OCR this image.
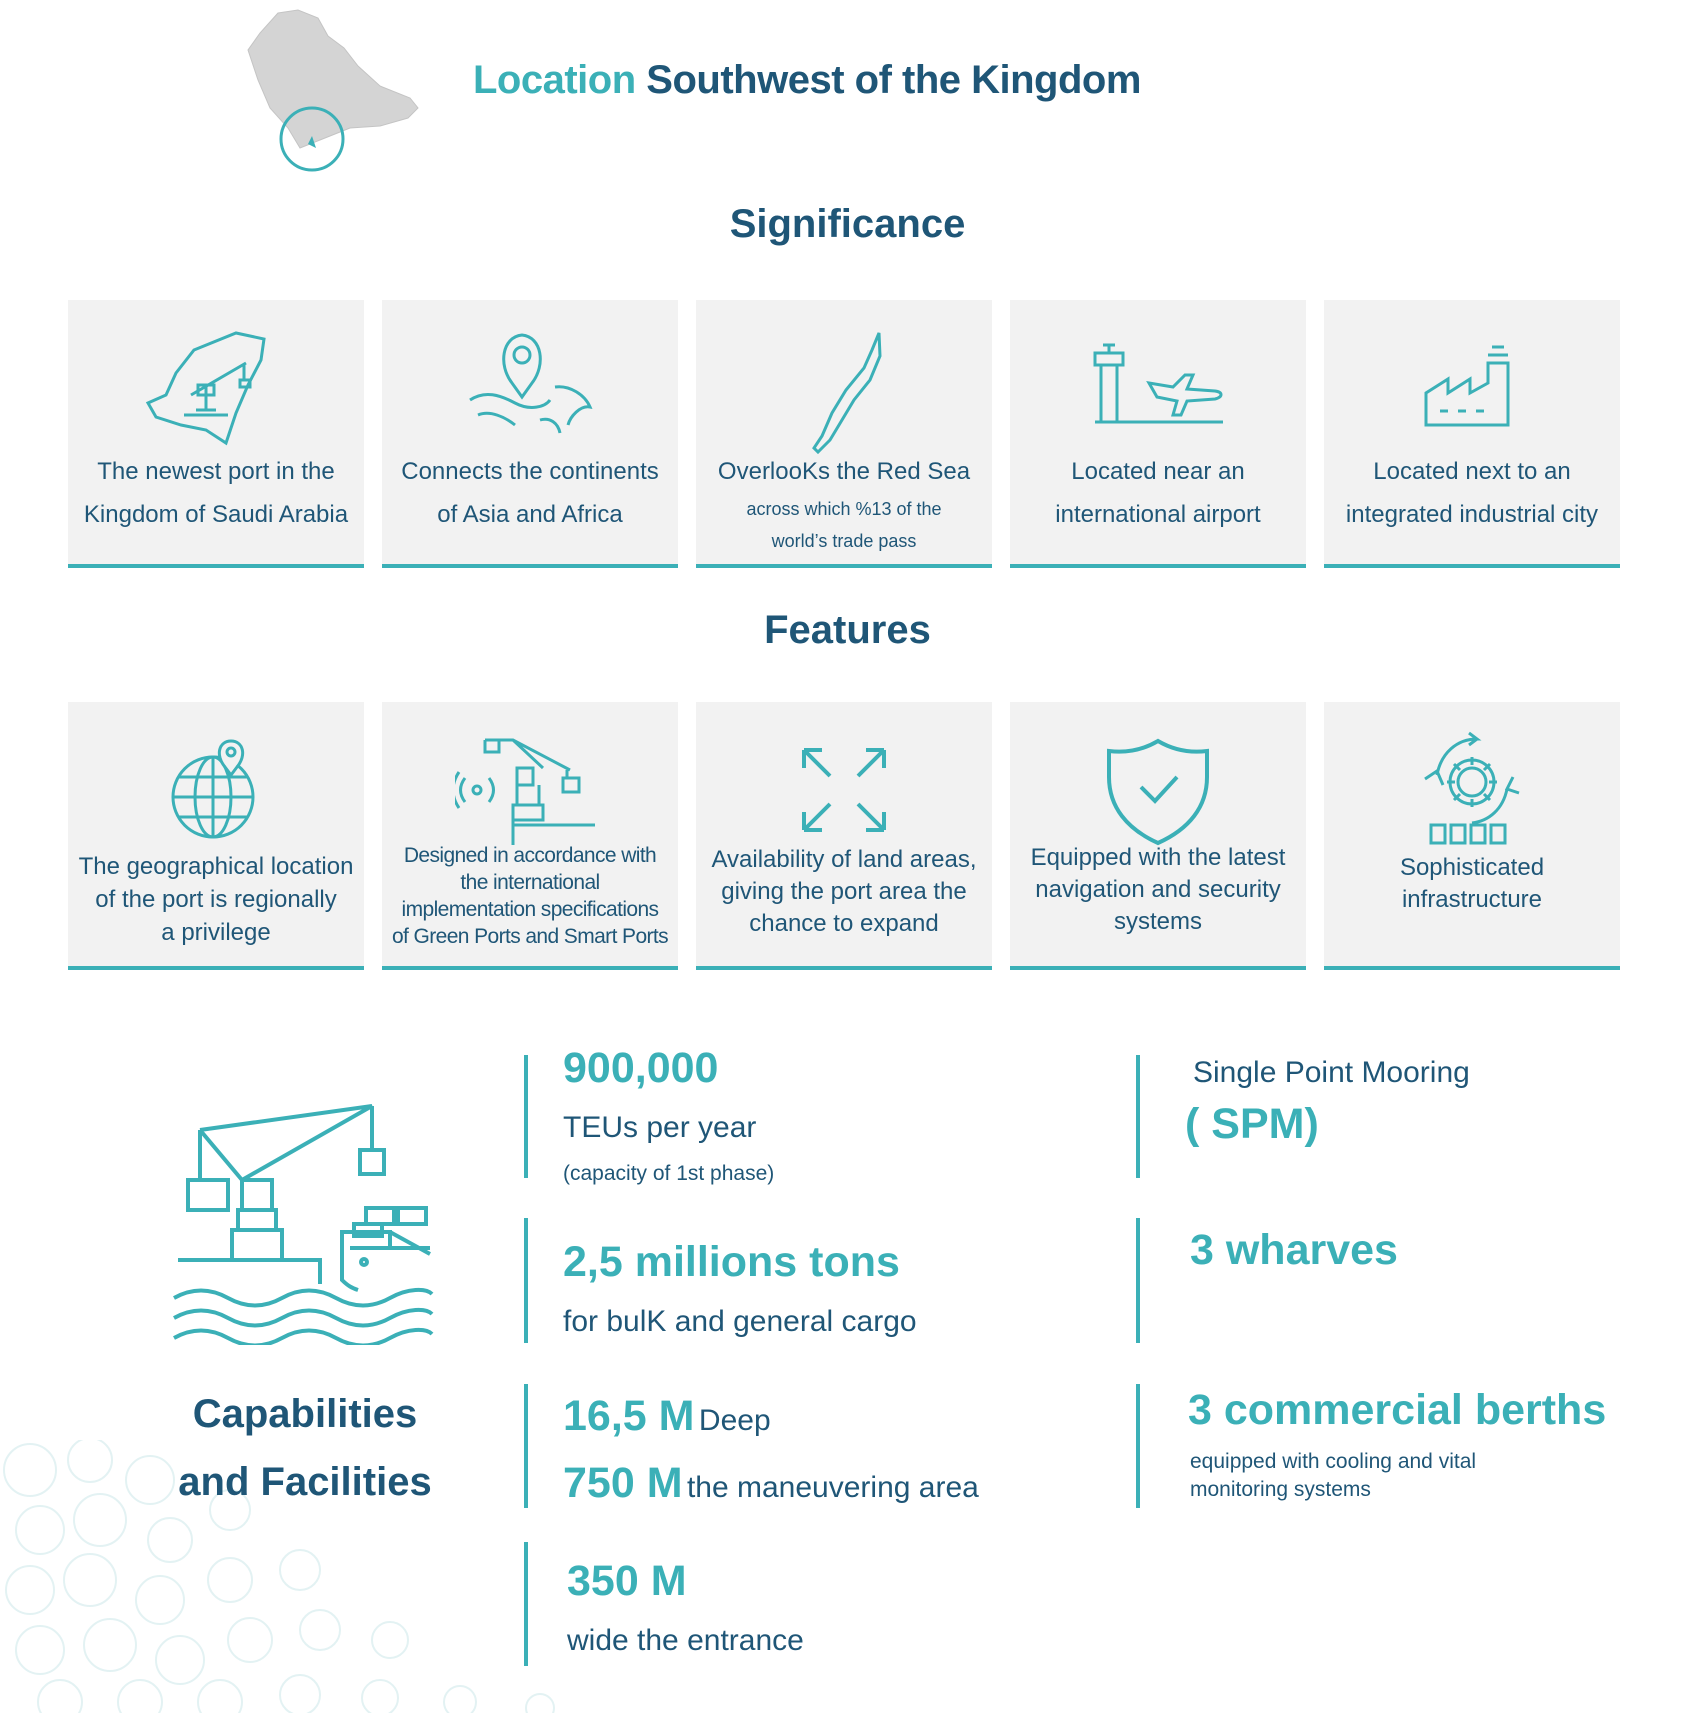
Location Southwest of the Kingdom
Significance
The newest port in the
Kingdom of Saudi Arabia
Connects the continents
of Asia and Africa
OverlooKs the Red Sea
across which %13 of the
world’s trade pass
Located near an
international airport
Located next to an
integrated industrial city
Features
The geographical location
of the port is regionally
a privilege
Designed in accordance with
the international
implementation specifications
of Green Ports and Smart Ports
Availability of land areas,
giving the port area the
chance to expand
Equipped with the latest
navigation and security
systems
Sophisticated
infrastructure
Capabilities
and Facilities
900,000
TEUs per year
(capacity of 1st phase)
2,5 millions tons
for bulK and general cargo
16,5 M Deep
750 M the maneuvering area
350 M
wide the entrance
Single Point Mooring
( SPM)
3 wharves
3 commercial berths
equipped with cooling and vital
monitoring systems
